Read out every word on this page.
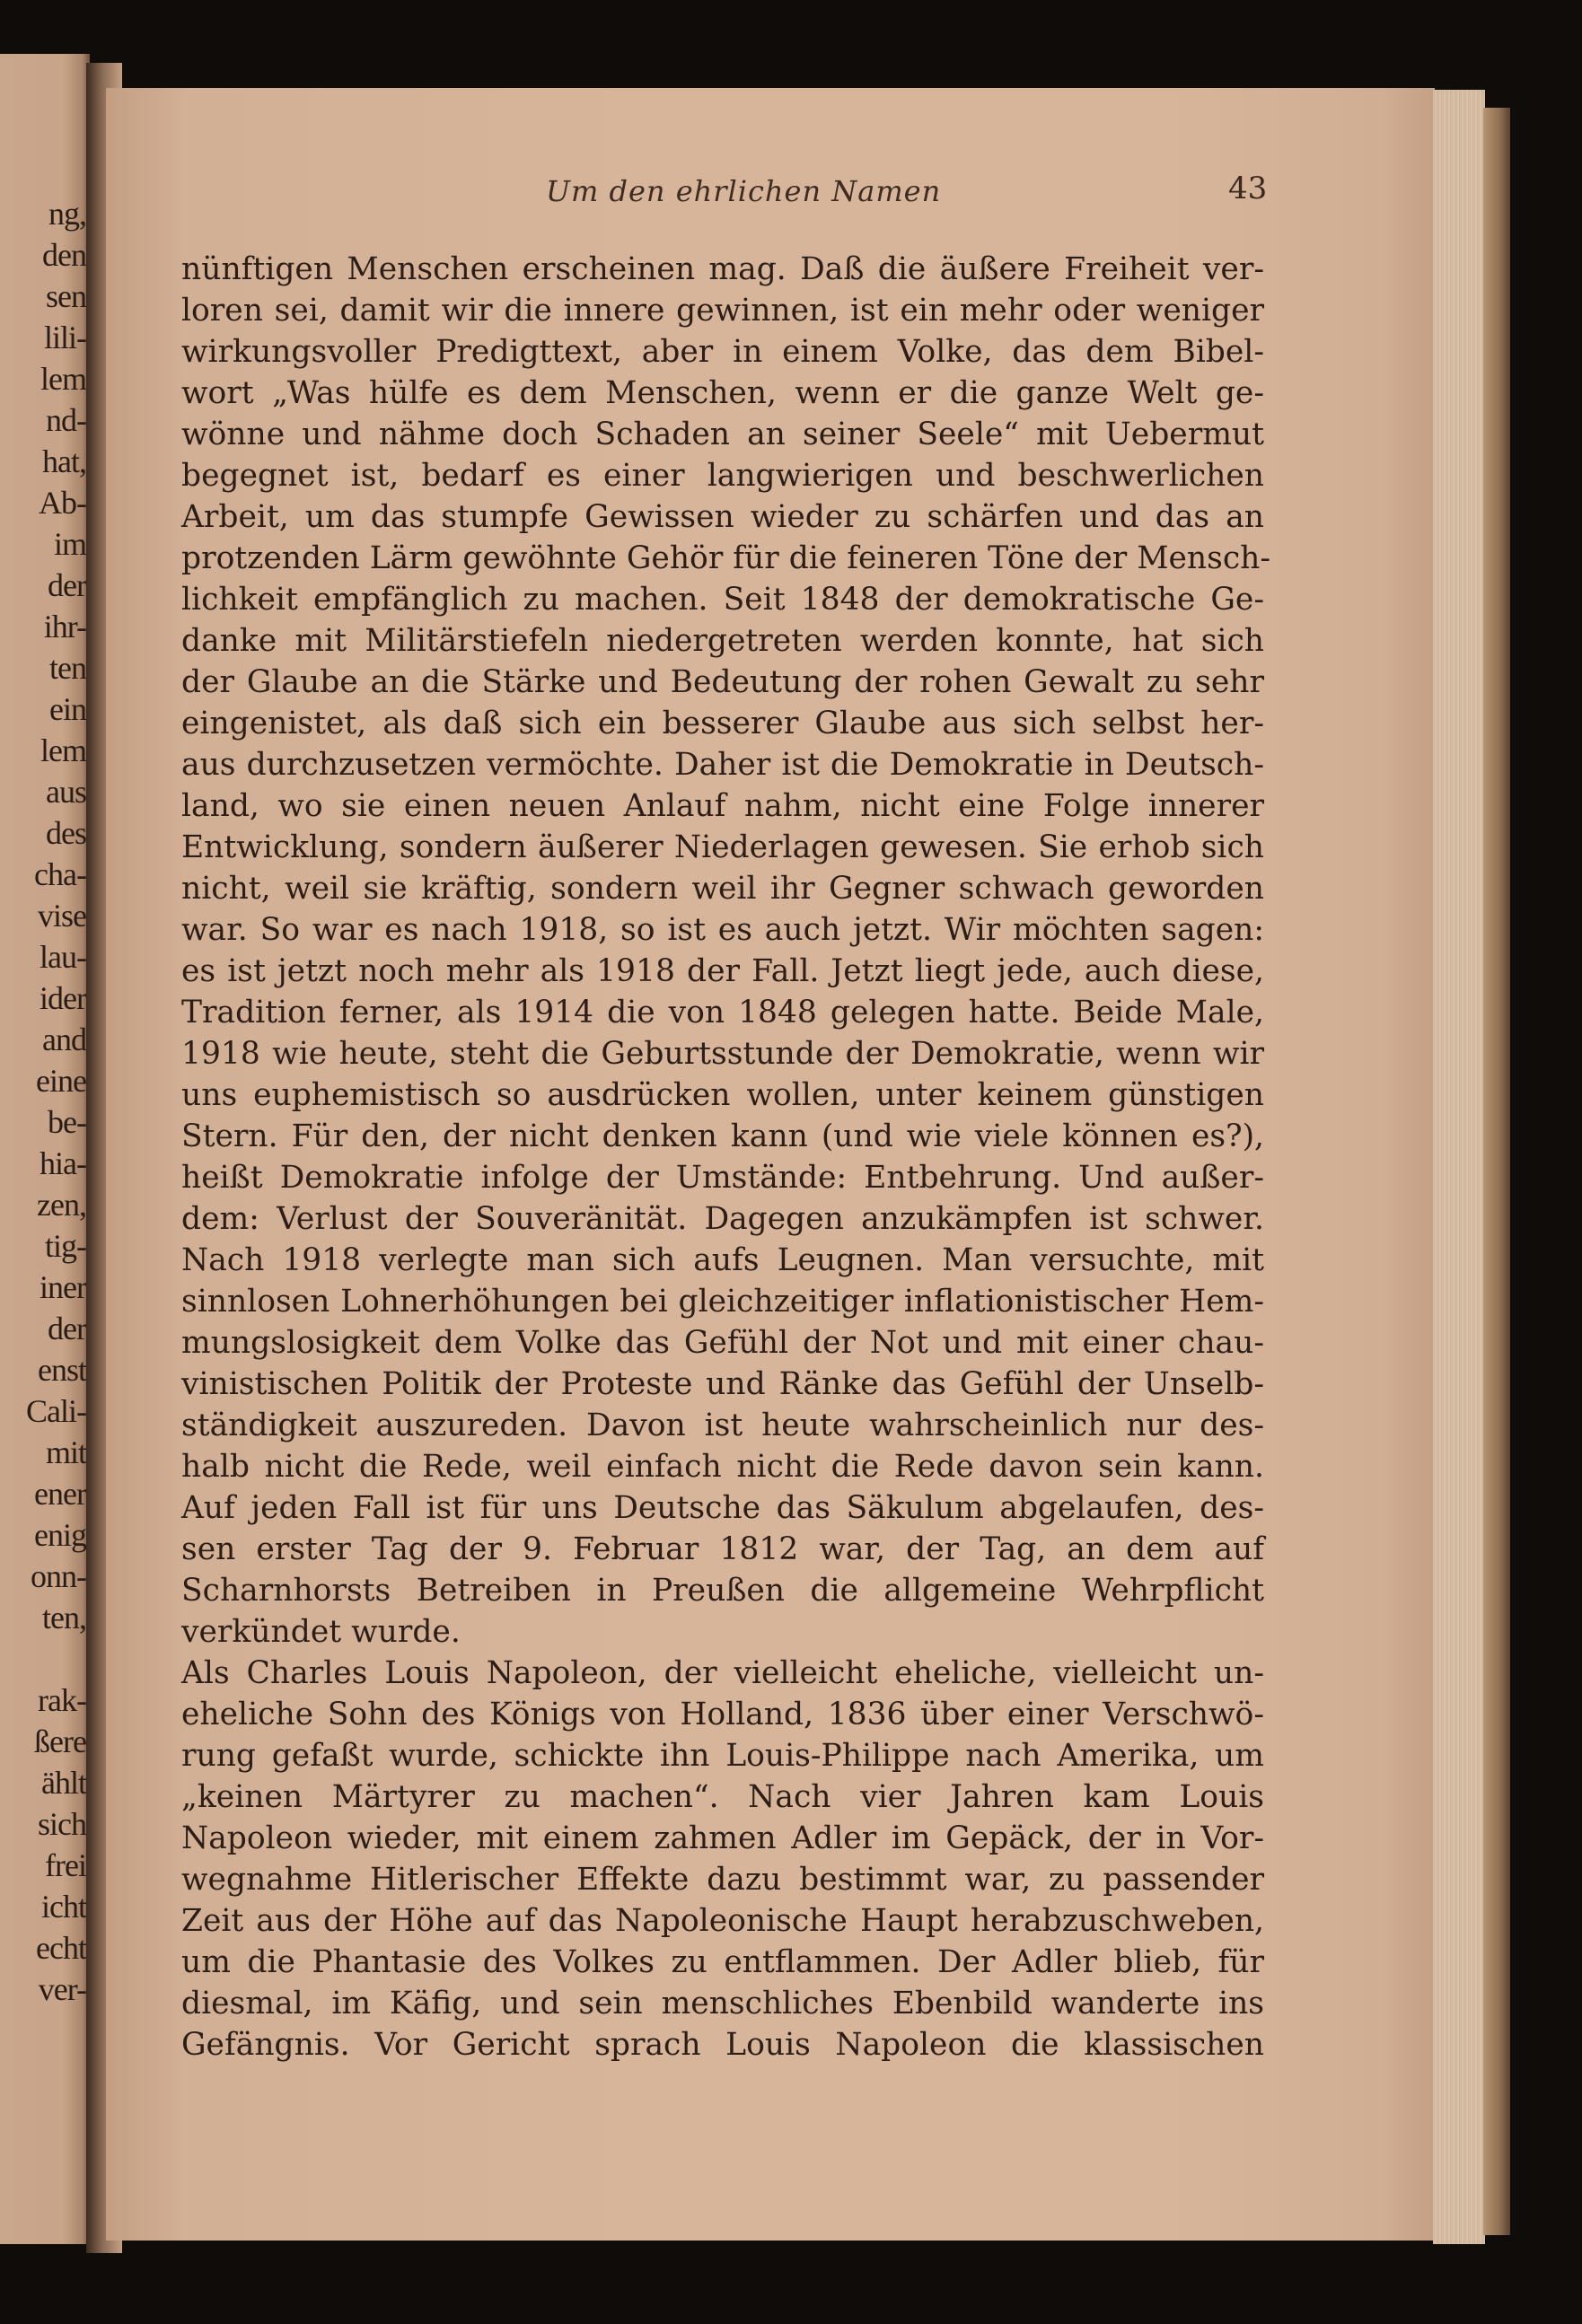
ng,
den
sen
lili-
lem
nd-
hat,
Ab-
im
der
ihr-
ten
ein
lem
aus
des
cha-
vise
lau-
ider
and
eine
be-
hia-
zen,
tig-
iner
der
enst
Cali-
mit
ener
enig
onn-
ten,
rak-
ßere
ählt
sich
frei
icht
echt
ver-
Um den ehrlichen Namen	43
nünftigen Menschen erscheinen mag. Daß die äußere Freiheit ver-
loren sei, damit wir die innere gewinnen, ist ein mehr oder weniger
wirkungsvoller Predigttext, aber in einem Volke, das dem Bibel-
wort „Was hülfe es dem Menschen, wenn er die ganze Welt ge-
wönne und nähme doch Schaden an seiner Seele“ mit Uebermut
begegnet ist, bedarf es einer langwierigen und beschwerlichen
Arbeit, um das stumpfe Gewissen wieder zu schärfen und das an
protzenden Lärm gewöhnte Gehör für die feineren Töne der Mensch-
lichkeit empfänglich zu machen. Seit 1848 der demokratische Ge-
danke mit Militärstiefeln niedergetreten werden konnte, hat sich
der Glaube an die Stärke und Bedeutung der rohen Gewalt zu sehr
eingenistet, als daß sich ein besserer Glaube aus sich selbst her-
aus durchzusetzen vermöchte. Daher ist die Demokratie in Deutsch-
land, wo sie einen neuen Anlauf nahm, nicht eine Folge innerer
Entwicklung, sondern äußerer Niederlagen gewesen. Sie erhob sich
nicht, weil sie kräftig, sondern weil ihr Gegner schwach geworden
war. So war es nach 1918, so ist es auch jetzt. Wir möchten sagen:
es ist jetzt noch mehr als 1918 der Fall. Jetzt liegt jede, auch diese,
Tradition ferner, als 1914 die von 1848 gelegen hatte. Beide Male,
1918 wie heute, steht die Geburtsstunde der Demokratie, wenn wir
uns euphemistisch so ausdrücken wollen, unter keinem günstigen
Stern. Für den, der nicht denken kann (und wie viele können es?),
heißt Demokratie infolge der Umstände: Entbehrung. Und außer-
dem: Verlust der Souveränität. Dagegen anzukämpfen ist schwer.
Nach 1918 verlegte man sich aufs Leugnen. Man versuchte, mit
sinnlosen Lohnerhöhungen bei gleichzeitiger inflationistischer Hem-
mungslosigkeit dem Volke das Gefühl der Not und mit einer chau-
vinistischen Politik der Proteste und Ränke das Gefühl der Unselb-
ständigkeit auszureden. Davon ist heute wahrscheinlich nur des-
halb nicht die Rede, weil einfach nicht die Rede davon sein kann.
Auf jeden Fall ist für uns Deutsche das Säkulum abgelaufen, des-
sen erster Tag der 9. Februar 1812 war, der Tag, an dem auf
Scharnhorsts Betreiben in Preußen die allgemeine Wehrpflicht
verkündet wurde.
Als Charles Louis Napoleon, der vielleicht eheliche, vielleicht un-
eheliche Sohn des Königs von Holland, 1836 über einer Verschwö-
rung gefaßt wurde, schickte ihn Louis-Philippe nach Amerika, um
„keinen Märtyrer zu machen“. Nach vier Jahren kam Louis
Napoleon wieder, mit einem zahmen Adler im Gepäck, der in Vor-
wegnahme Hitlerischer Effekte dazu bestimmt war, zu passender
Zeit aus der Höhe auf das Napoleonische Haupt herabzuschweben,
um die Phantasie des Volkes zu entflammen. Der Adler blieb, für
diesmal, im Käfig, und sein menschliches Ebenbild wanderte ins
Gefängnis. Vor Gericht sprach Louis Napoleon die klassischen
